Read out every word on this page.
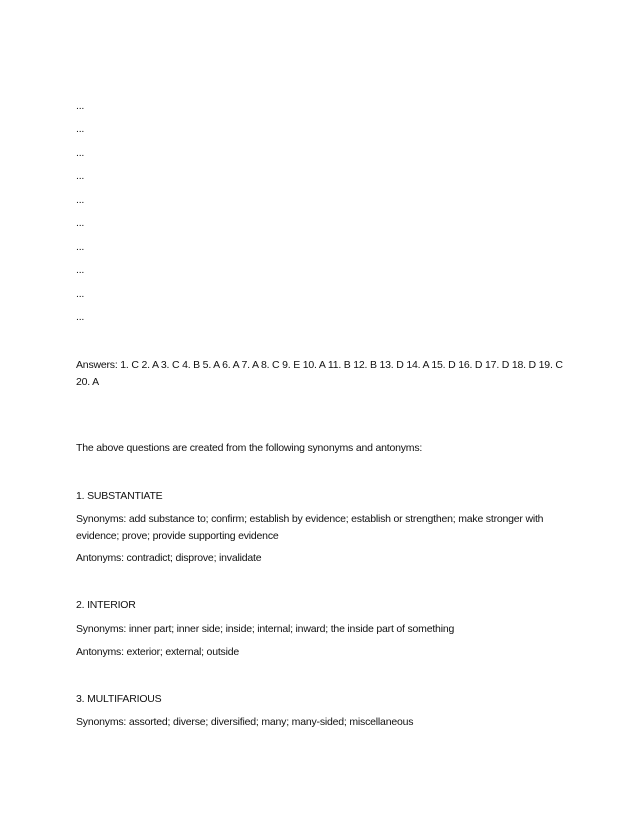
...
...
...
...
...
...
...
...
...
...
Answers: 1. C 2. A 3. C 4. B 5. A 6. A 7. A 8. C 9. E 10. A 11. B 12. B 13. D 14. A 15. D 16. D 17. D 18. D 19. C 20. A
The above questions are created from the following synonyms and antonyms:
1. SUBSTANTIATE
Synonyms: add substance to; confirm; establish by evidence; establish or strengthen; make stronger with evidence; prove; provide supporting evidence
Antonyms: contradict; disprove; invalidate
2. INTERIOR
Synonyms: inner part; inner side; inside; internal; inward; the inside part of something
Antonyms: exterior; external; outside
3. MULTIFARIOUS
Synonyms: assorted; diverse; diversified; many; many-sided; miscellaneous
